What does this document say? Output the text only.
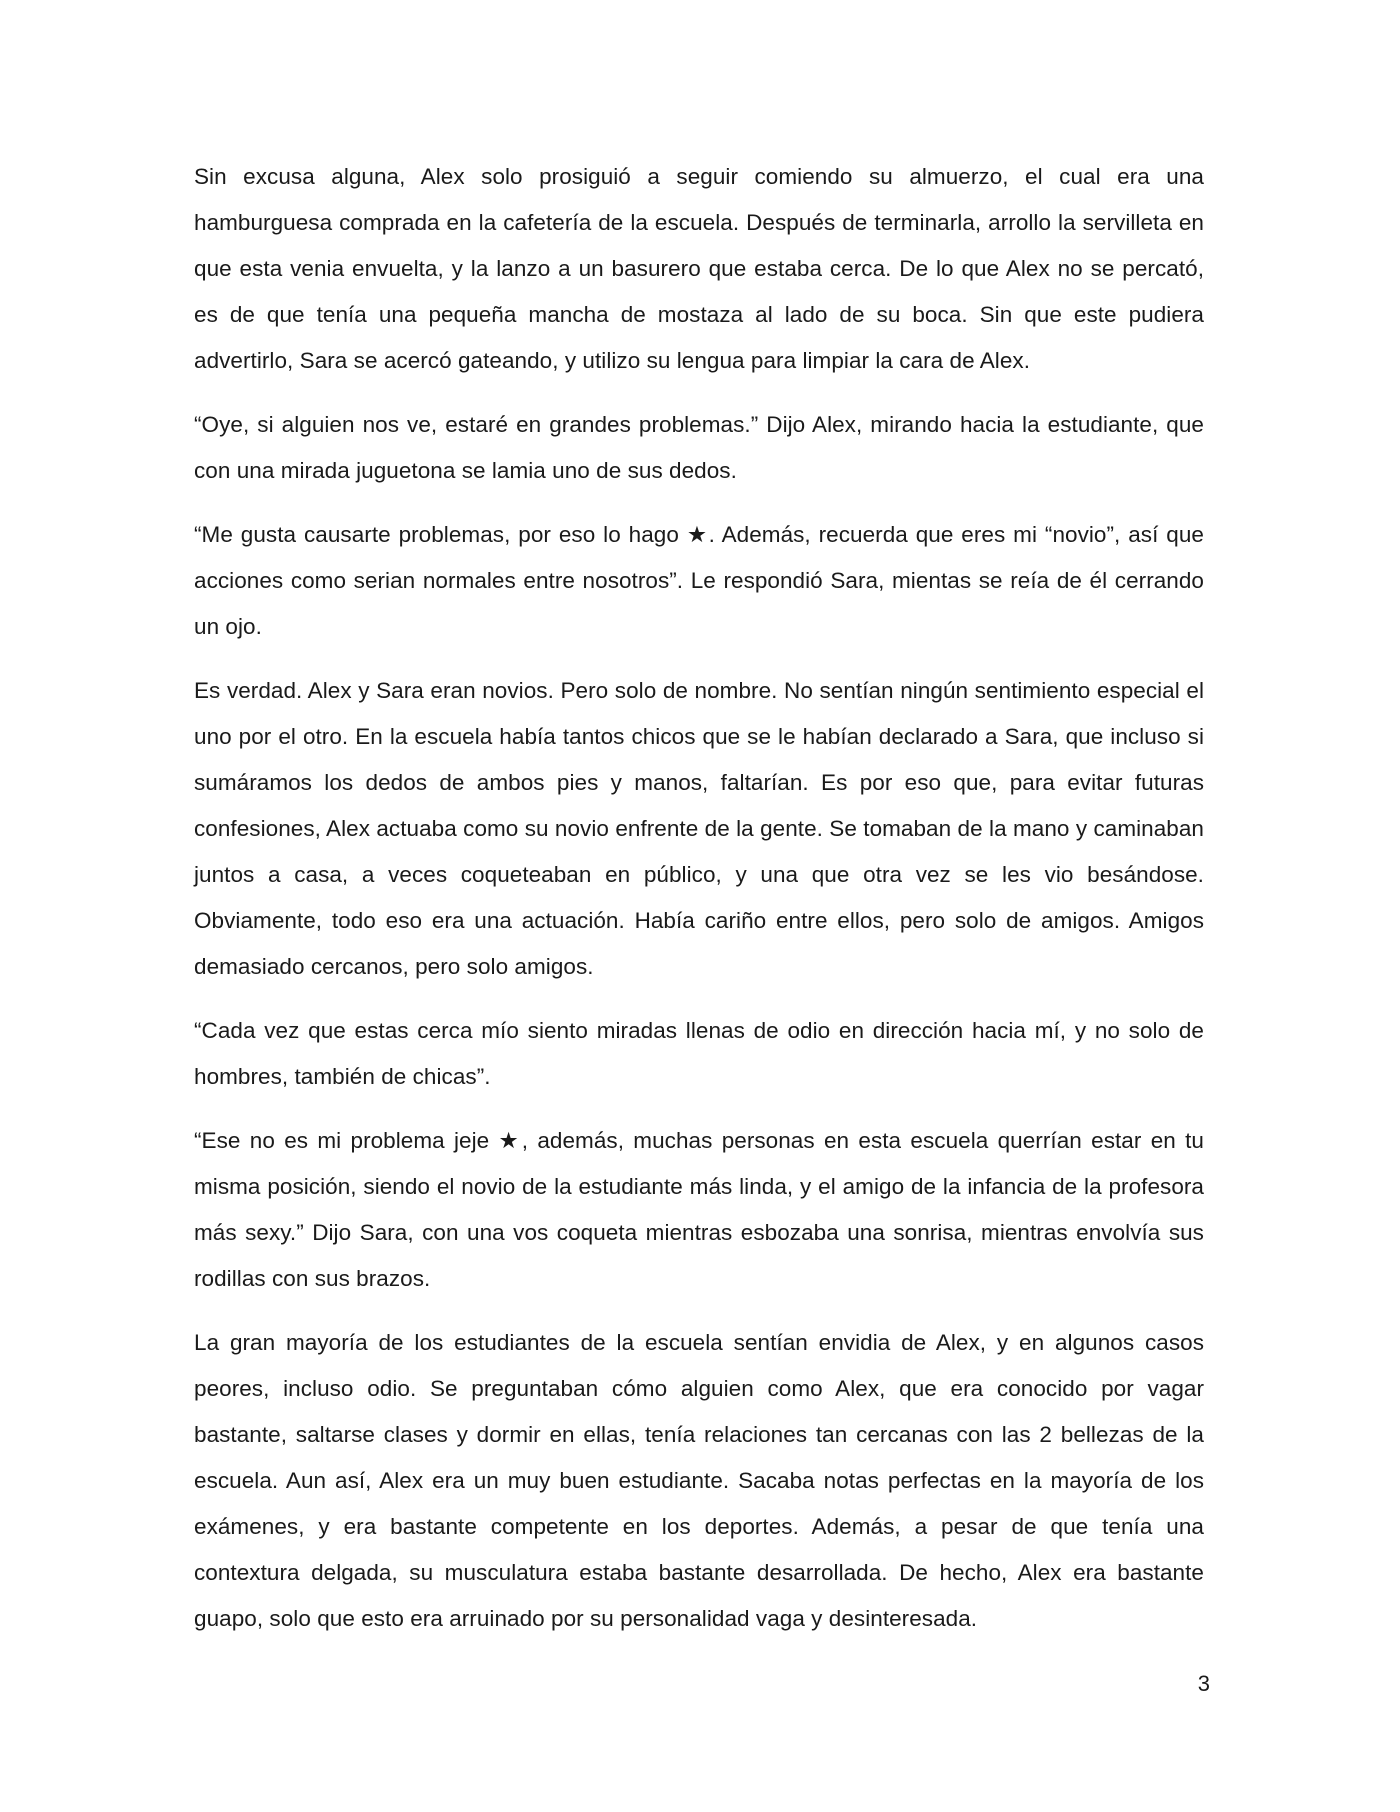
Sin excusa alguna, Alex solo prosiguió a seguir comiendo su almuerzo, el cual era una hamburguesa comprada en la cafetería de la escuela. Después de terminarla, arrollo la servilleta en que esta venia envuelta, y la lanzo a un basurero que estaba cerca. De lo que Alex no se percató, es de que tenía una pequeña mancha de mostaza al lado de su boca. Sin que este pudiera advertirlo, Sara se acercó gateando, y utilizo su lengua para limpiar la cara de Alex.

“Oye, si alguien nos ve, estaré en grandes problemas.” Dijo Alex, mirando hacia la estudiante, que con una mirada juguetona se lamia uno de sus dedos.

“Me gusta causarte problemas, por eso lo hago ★. Además, recuerda que eres mi “novio”, así que acciones como serian normales entre nosotros”. Le respondió Sara, mientas se reía de él cerrando un ojo.

Es verdad. Alex y Sara eran novios. Pero solo de nombre. No sentían ningún sentimiento especial el uno por el otro. En la escuela había tantos chicos que se le habían declarado a Sara, que incluso si sumáramos los dedos de ambos pies y manos, faltarían. Es por eso que, para evitar futuras confesiones, Alex actuaba como su novio enfrente de la gente. Se tomaban de la mano y caminaban juntos a casa, a veces coqueteaban en público, y una que otra vez se les vio besándose. Obviamente, todo eso era una actuación. Había cariño entre ellos, pero solo de amigos. Amigos demasiado cercanos, pero solo amigos.

“Cada vez que estas cerca mío siento miradas llenas de odio en dirección hacia mí, y no solo de hombres, también de chicas”.

“Ese no es mi problema jeje ★, además, muchas personas en esta escuela querrían estar en tu misma posición, siendo el novio de la estudiante más linda, y el amigo de la infancia de la profesora más sexy.” Dijo Sara, con una vos coqueta mientras esbozaba una sonrisa, mientras envolvía sus rodillas con sus brazos.

La gran mayoría de los estudiantes de la escuela sentían envidia de Alex, y en algunos casos peores, incluso odio. Se preguntaban cómo alguien como Alex, que era conocido por vagar bastante, saltarse clases y dormir en ellas, tenía relaciones tan cercanas con las 2 bellezas de la escuela. Aun así, Alex era un muy buen estudiante. Sacaba notas perfectas en la mayoría de los exámenes, y era bastante competente en los deportes. Además, a pesar de que tenía una contextura delgada, su musculatura estaba bastante desarrollada. De hecho, Alex era bastante guapo, solo que esto era arruinado por su personalidad vaga y desinteresada.

3
